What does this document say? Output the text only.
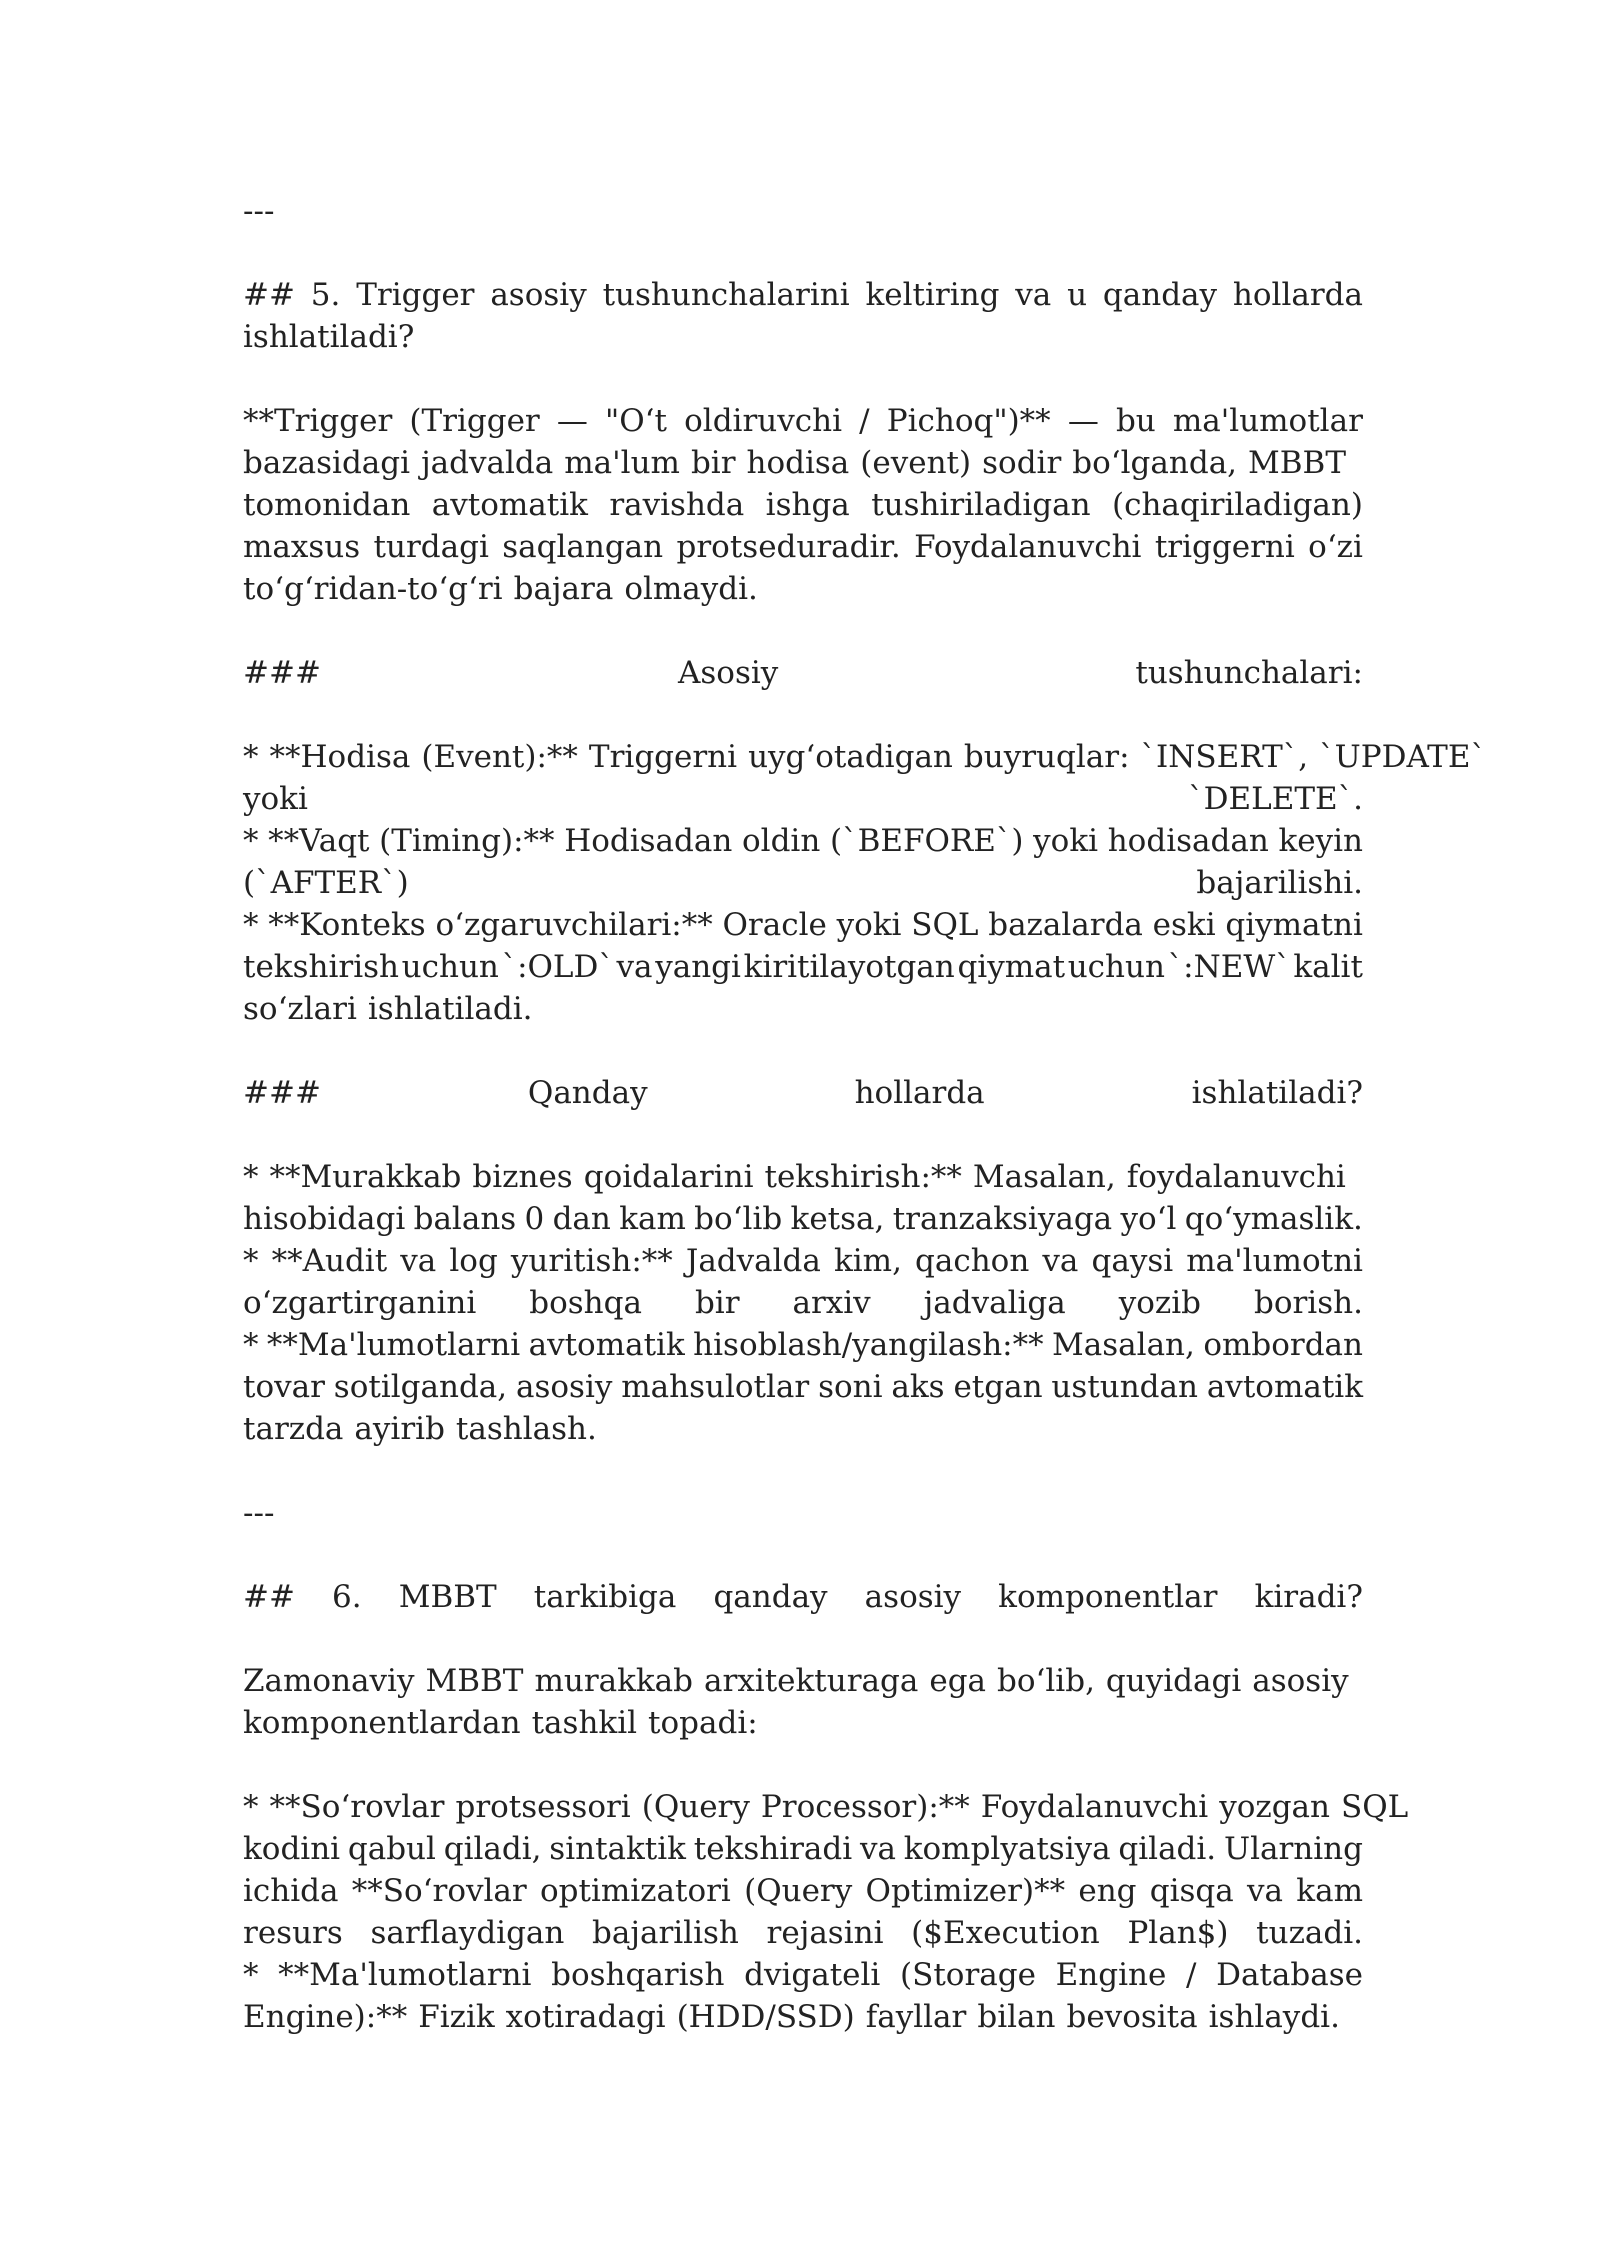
---
## 5. Trigger asosiy tushunchalarini keltiring va u qanday hollarda
ishlatiladi?
**Trigger (Trigger — "O‘t oldiruvchi / Pichoq")** — bu ma'lumotlar
bazasidagi jadvalda ma'lum bir hodisa (event) sodir bo‘lganda, MBBT
tomonidan avtomatik ravishda ishga tushiriladigan (chaqiriladigan)
maxsus turdagi saqlangan protseduradir. Foydalanuvchi triggerni o‘zi
to‘g‘ridan-to‘g‘ri bajara olmaydi.
###	Asosiy	tushunchalari:
* **Hodisa (Event):** Triggerni uyg‘otadigan buyruqlar: `INSERT`, `UPDATE`
yoki	`DELETE`.
* **Vaqt (Timing):** Hodisadan oldin (`BEFORE`) yoki hodisadan keyin
(`AFTER`)	bajarilishi.
* **Konteks o‘zgaruvchilari:** Oracle yoki SQL bazalarda eski qiymatni
tekshirish uchun `:OLD` va yangi kiritilayotgan qiymat uchun `:NEW` kalit
so‘zlari ishlatiladi.
###	Qanday	hollarda	ishlatiladi?
* **Murakkab biznes qoidalarini tekshirish:** Masalan, foydalanuvchi
hisobidagi balans 0 dan kam bo‘lib ketsa, tranzaksiyaga yo‘l qo‘ymaslik.
* **Audit va log yuritish:** Jadvalda kim, qachon va qaysi ma'lumotni
o‘zgartirganini boshqa bir arxiv jadvaliga yozib borish.
* **Ma'lumotlarni avtomatik hisoblash/yangilash:** Masalan, ombordan
tovar sotilganda, asosiy mahsulotlar soni aks etgan ustundan avtomatik
tarzda ayirib tashlash.
---
## 6. MBBT tarkibiga qanday asosiy komponentlar kiradi?
Zamonaviy MBBT murakkab arxitekturaga ega bo‘lib, quyidagi asosiy
komponentlardan tashkil topadi:
* **So‘rovlar protsessori (Query Processor):** Foydalanuvchi yozgan SQL
kodini qabul qiladi, sintaktik tekshiradi va komplyatsiya qiladi. Ularning
ichida **So‘rovlar optimizatori (Query Optimizer)** eng qisqa va kam
resurs sarflaydigan bajarilish rejasini ($Execution Plan$) tuzadi.
* **Ma'lumotlarni boshqarish dvigateli (Storage Engine / Database
Engine):** Fizik xotiradagi (HDD/SSD) fayllar bilan bevosita ishlaydi.
